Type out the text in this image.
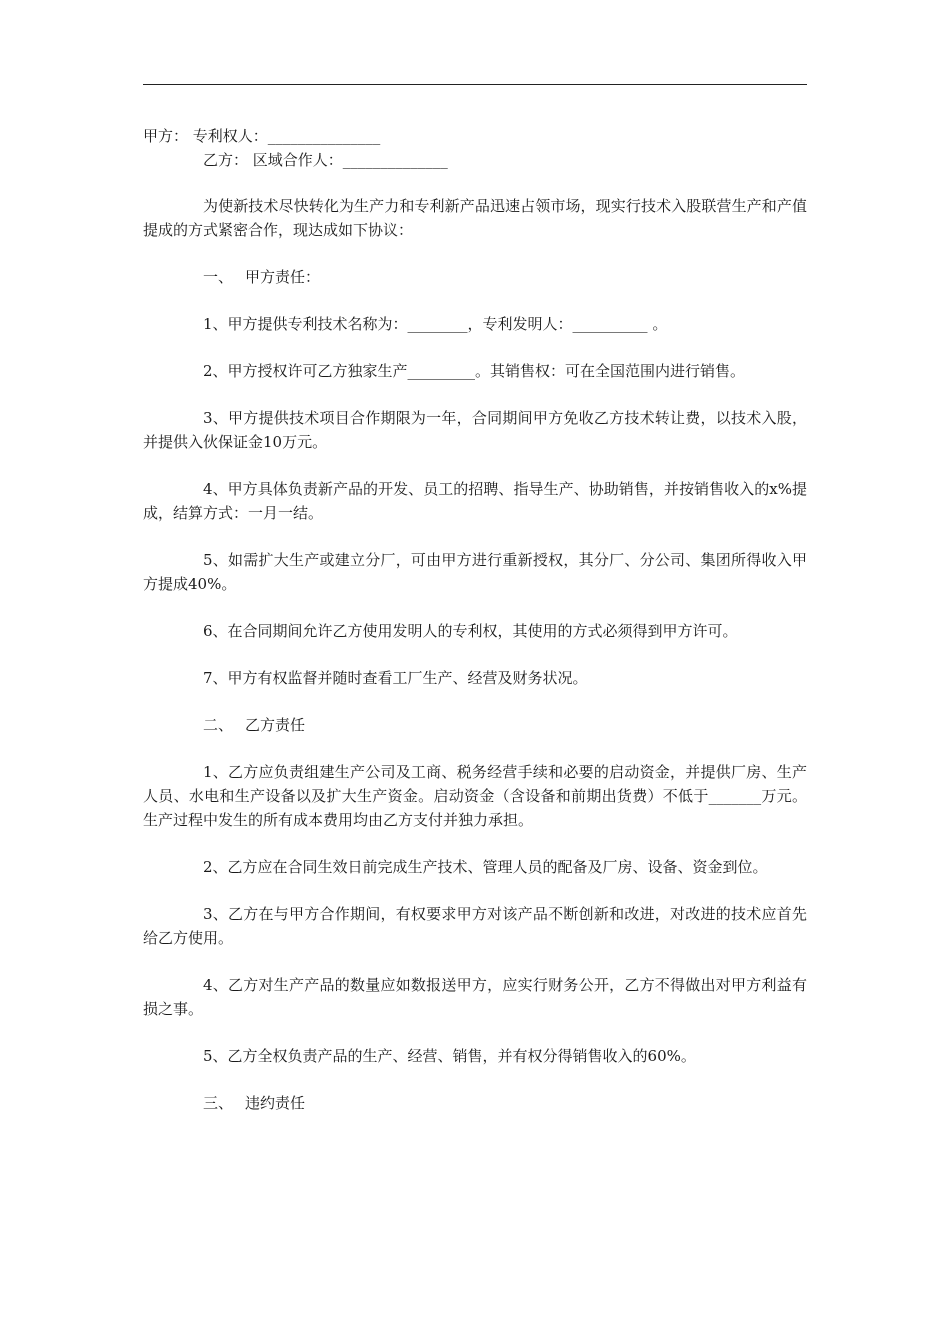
甲方： 专利权人：_______________

乙方： 区域合作人：______________

为使新技术尽快转化为生产力和专利新产品迅速占领市场，现实行技术入股联营生产和产值提成的方式紧密合作，现达成如下协议：

一、 甲方责任：

1、甲方提供专利技术名称为：________，专利发明人：__________ 。

2、甲方授权许可乙方独家生产_________。其销售权：可在全国范围内进行销售。

3、甲方提供技术项目合作期限为一年，合同期间甲方免收乙方技术转让费，以技术入股，并提供入伙保证金10万元。

4、甲方具体负责新产品的开发、员工的招聘、指导生产、协助销售，并按销售收入的x%提成，结算方式：一月一结。

5、如需扩大生产或建立分厂，可由甲方进行重新授权，其分厂、分公司、集团所得收入甲方提成40%。

6、在合同期间允许乙方使用发明人的专利权，其使用的方式必须得到甲方许可。

7、甲方有权监督并随时查看工厂生产、经营及财务状况。

二、 乙方责任

1、乙方应负责组建生产公司及工商、税务经营手续和必要的启动资金，并提供厂房、生产人员、水电和生产设备以及扩大生产资金。启动资金（含设备和前期出货费）不低于_______万元。生产过程中发生的所有成本费用均由乙方支付并独力承担。

2、乙方应在合同生效日前完成生产技术、管理人员的配备及厂房、设备、资金到位。

3、乙方在与甲方合作期间，有权要求甲方对该产品不断创新和改进，对改进的技术应首先给乙方使用。

4、乙方对生产产品的数量应如数报送甲方，应实行财务公开，乙方不得做出对甲方利益有损之事。

5、乙方全权负责产品的生产、经营、销售，并有权分得销售收入的60%。

三、 违约责任
